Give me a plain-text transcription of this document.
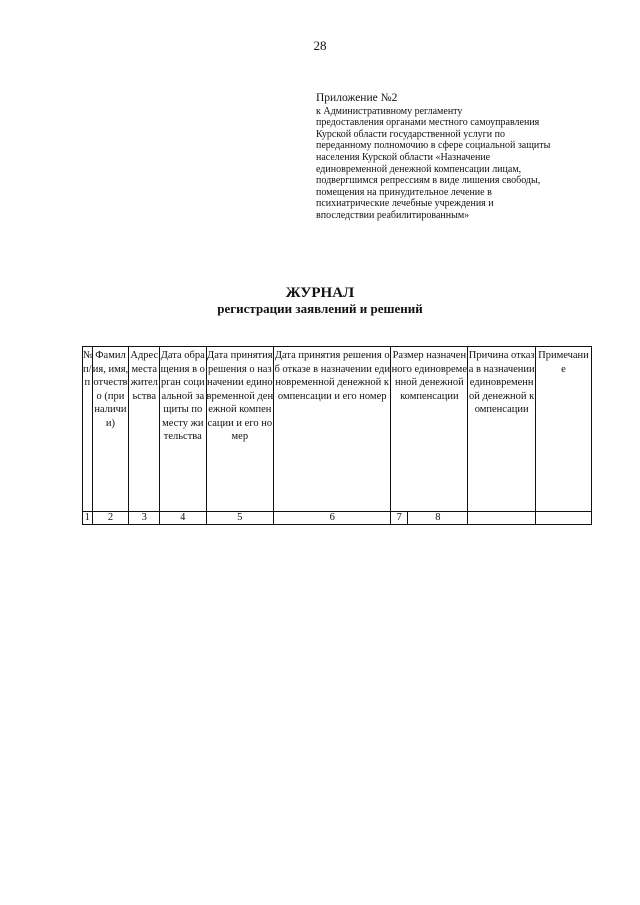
28
Приложение №2
к Административному регламенту
предоставления органами местного самоуправления
Курской области государственной услуги по
переданному полномочию в сфере социальной защиты
населения Курской области «Назначение
единовременной денежной компенсации лицам,
подвергшимся репрессиям в виде лишения свободы,
помещения на принудительное лечение в
психиатрические лечебные учреждения и
впоследствии реабилитированным»
ЖУРНАЛ
регистрации заявлений и решений
№ п/п	Фамилия, имя, отчество (при наличии)	Адрес места жительства	Дата обращения в орган социальной защиты по месту жительства	Дата принятия решения о назначении единовременной денежной компенсации и его номер	Дата принятия решения об отказе в назначении единовременной денежной компенсации и его номер	Размер назначенного единовременной денежной компенсации	Причина отказа в назначении единовременной денежной компенсации	Примечание

1	2	3	4	5	6	7 8		
